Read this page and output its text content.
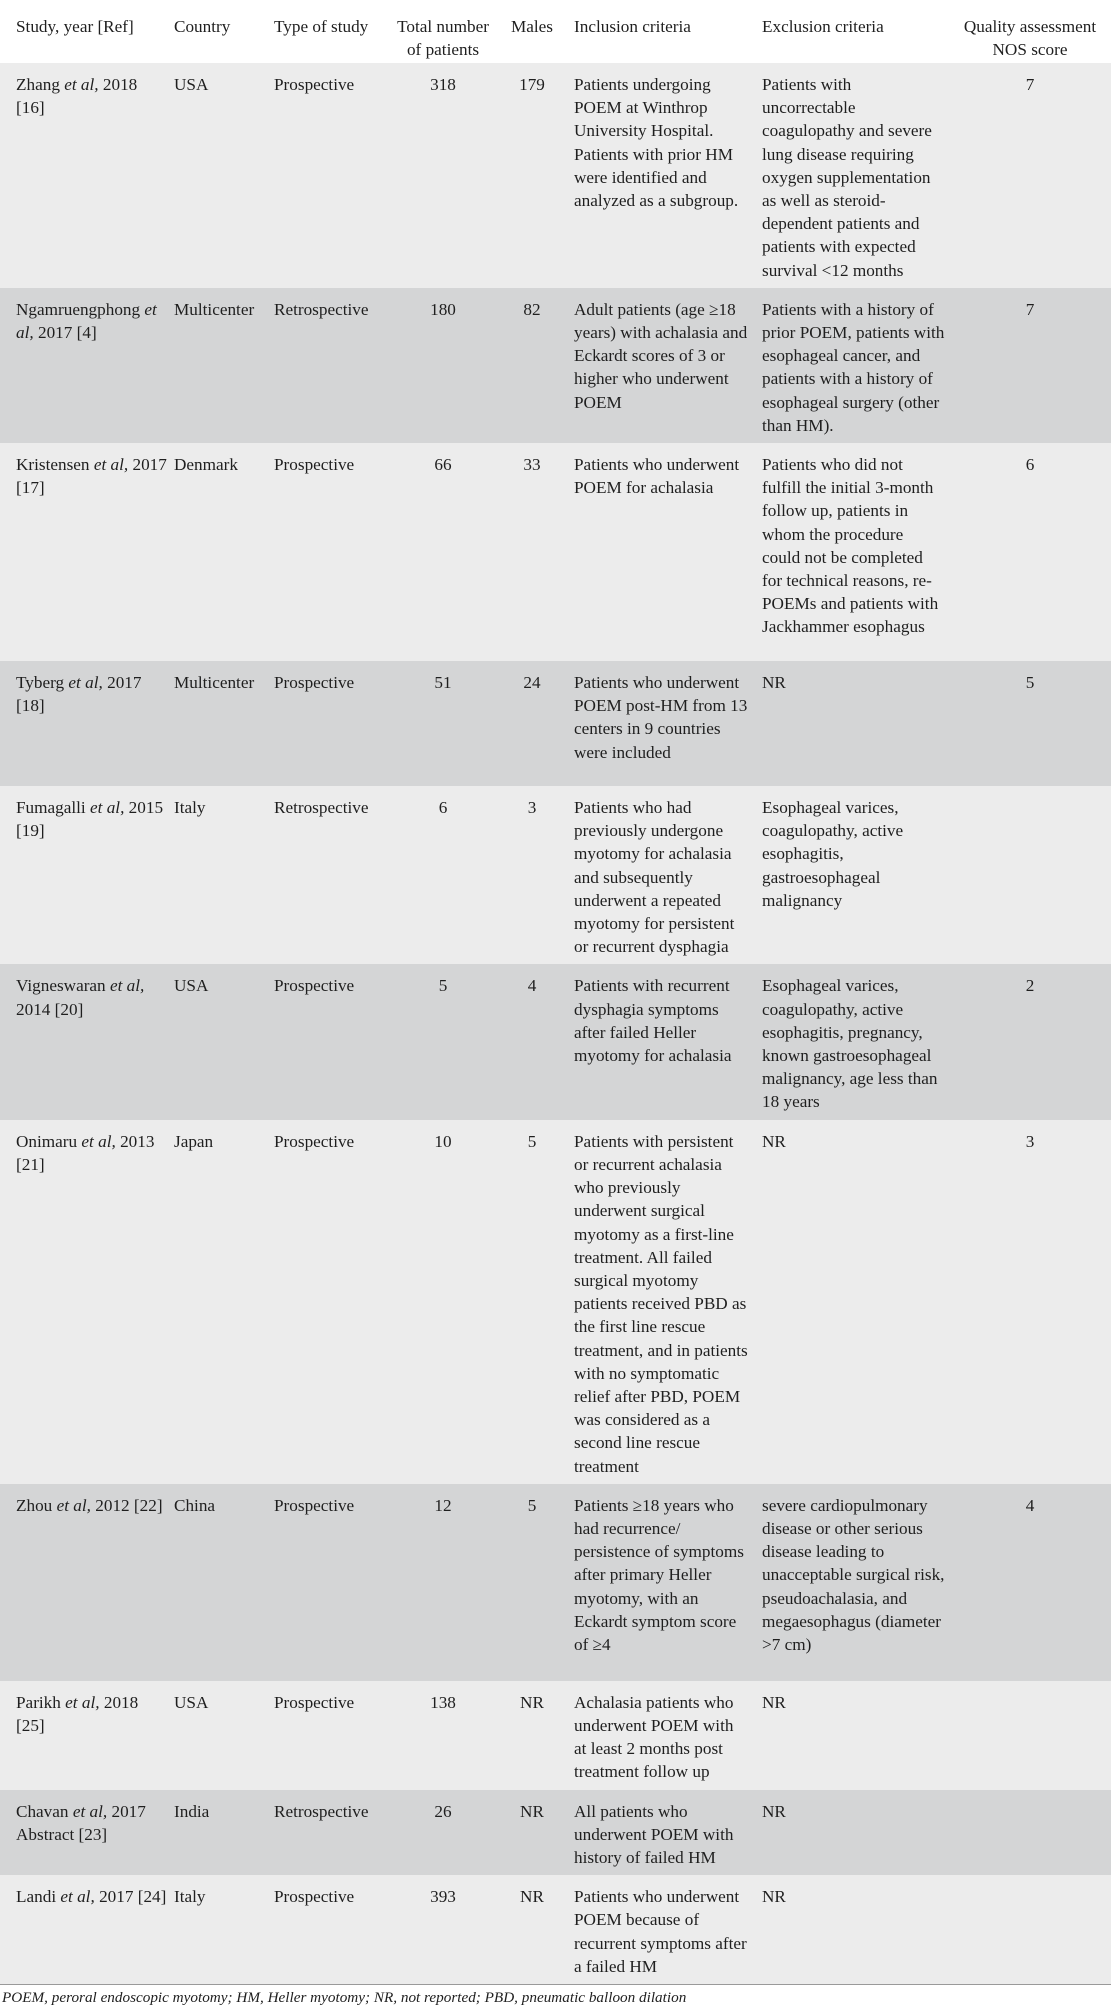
Study, year [Ref]	Country	Type of study	Total number of patients	Males	Inclusion criteria	Exclusion criteria	Quality assessment NOS score
Zhang et al, 2018 [16]	USA	Prospective	318	179	Patients undergoing POEM at Winthrop University Hospital. Patients with prior HM were identified and analyzed as a subgroup.	Patients with uncorrectable coagulopathy and severe lung disease requiring oxygen supplementation as well as steroid-dependent patients and patients with expected survival <12 months	7
Ngamruengphong et al, 2017 [4]	Multicenter	Retrospective	180	82	Adult patients (age ≥18 years) with achalasia and Eckardt scores of 3 or higher who underwent POEM	Patients with a history of prior POEM, patients with esophageal cancer, and patients with a history of esophageal surgery (other than HM).	7
Kristensen et al, 2017 [17]	Denmark	Prospective	66	33	Patients who underwent POEM for achalasia	Patients who did not fulfill the initial 3-month follow up, patients in whom the procedure could not be completed for technical reasons, re-POEMs and patients with Jackhammer esophagus	6
Tyberg et al, 2017 [18]	Multicenter	Prospective	51	24	Patients who underwent POEM post-HM from 13 centers in 9 countries were included	NR	5
Fumagalli et al, 2015 [19]	Italy	Retrospective	6	3	Patients who had previously undergone myotomy for achalasia and subsequently underwent a repeated myotomy for persistent or recurrent dysphagia	Esophageal varices, coagulopathy, active esophagitis, gastroesophageal malignancy	
Vigneswaran et al, 2014 [20]	USA	Prospective	5	4	Patients with recurrent dysphagia symptoms after failed Heller myotomy for achalasia	Esophageal varices, coagulopathy, active esophagitis, pregnancy, known gastroesophageal malignancy, age less than 18 years	2
Onimaru et al, 2013 [21]	Japan	Prospective	10	5	Patients with persistent or recurrent achalasia who previously underwent surgical myotomy as a first-line treatment. All failed surgical myotomy patients received PBD as the first line rescue treatment, and in patients with no symptomatic relief after PBD, POEM was considered as a second line rescue treatment	NR	3
Zhou et al, 2012 [22]	China	Prospective	12	5	Patients ≥18 years who had recurrence/ persistence of symptoms after primary Heller myotomy, with an Eckardt symptom score of ≥4	severe cardiopulmonary disease or other serious disease leading to unacceptable surgical risk, pseudoachalasia, and megaesophagus (diameter >7 cm)	4
Parikh et al, 2018 [25]	USA	Prospective	138	NR	Achalasia patients who underwent POEM with at least 2 months post treatment follow up	NR	
Chavan et al, 2017 Abstract [23]	India	Retrospective	26	NR	All patients who underwent POEM with history of failed HM	NR	
Landi et al, 2017 [24]	Italy	Prospective	393	NR	Patients who underwent POEM because of recurrent symptoms after a failed HM	NR	
POEM, peroral endoscopic myotomy; HM, Heller myotomy; NR, not reported; PBD, pneumatic balloon dilation
